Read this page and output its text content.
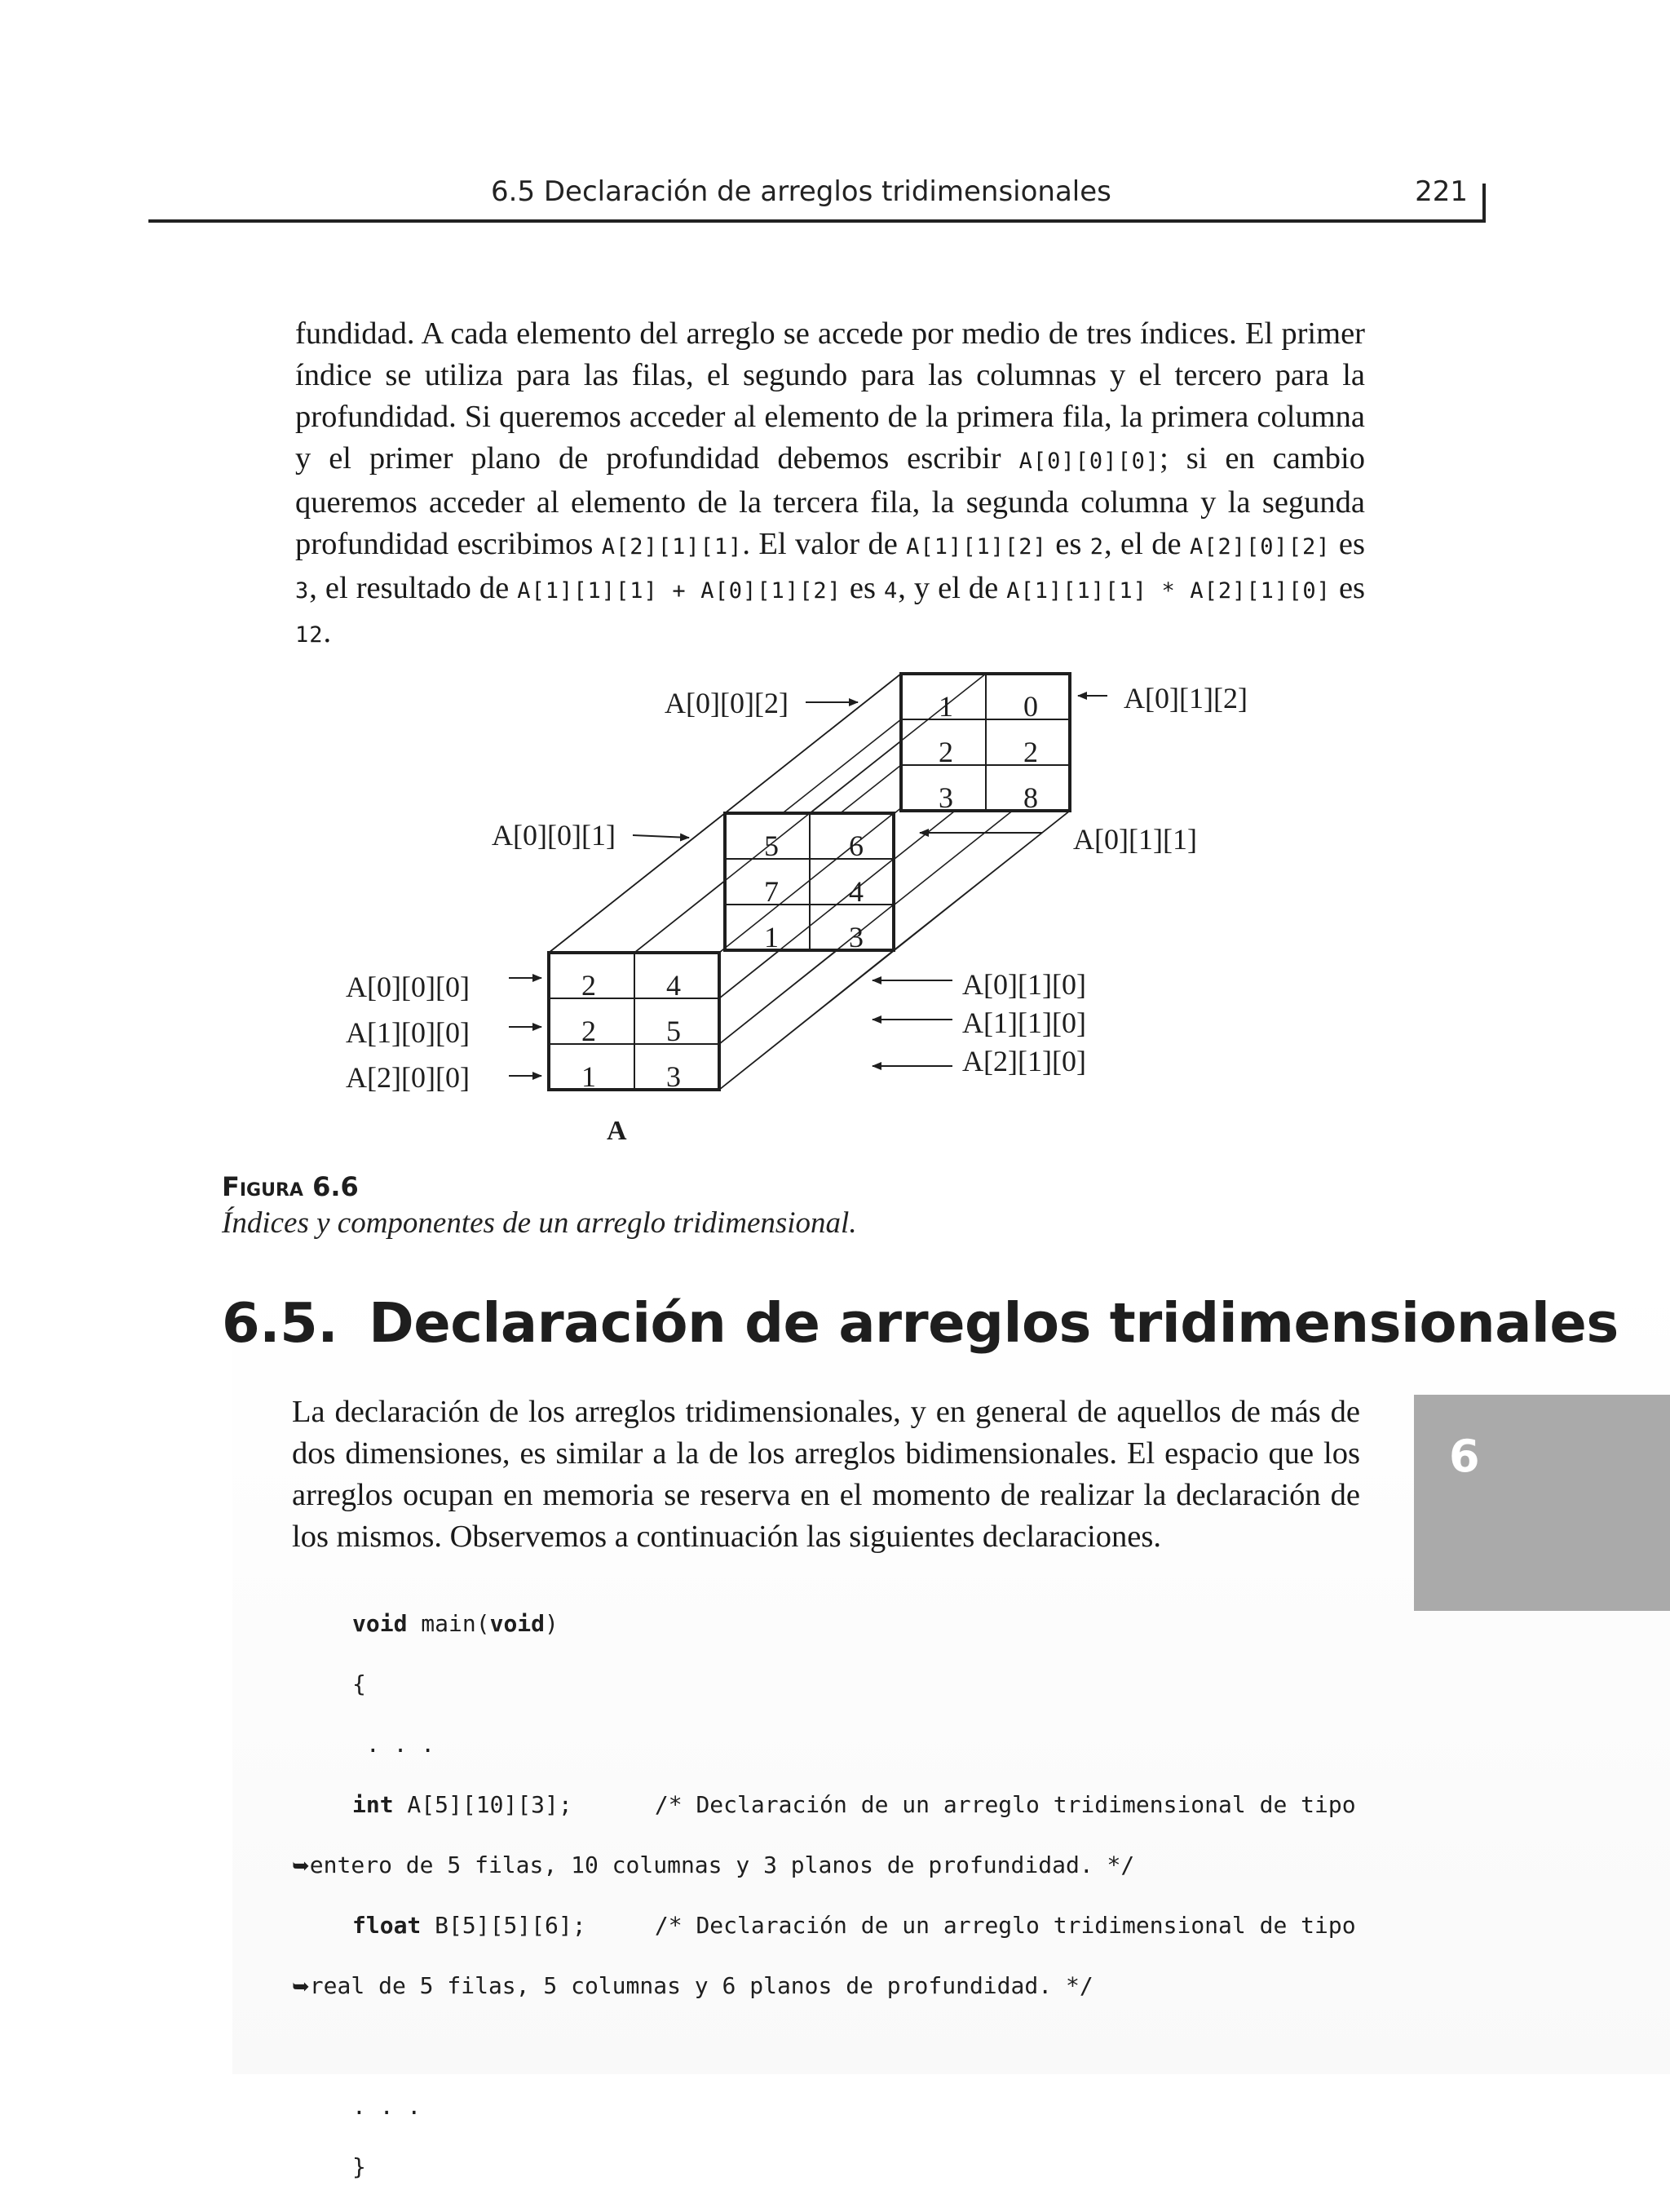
6.5 Declaración de arreglos tridimensionales	221
fundidad. A cada elemento del arreglo se accede por medio de tres índices. El primer índice se utiliza para las filas, el segundo para las columnas y el tercero para la profundidad. Si queremos acceder al elemento de la primera fila, la primera columna y el primer plano de profundidad debemos escribir A[0][0][0]; si en cambio queremos acceder al elemento de la tercera fila, la segunda columna y la segunda profundidad escribimos A[2][1][1]. El valor de A[1][1][2] es 2, el de A[2][0][2] es 3, el resultado de A[1][1][1] + A[0][1][2] es 4, y el de A[1][1][1] * A[2][1][0] es 12.
1 0
2 2
3 8
5 6
7 4
1 3
2 4
2 5
1 3
A[0][0][2]	A[0][1][2]
A[0][0][1]	A[0][1][1]
A[0][0][0]
A[1][0][0]
A[2][0][0]
A[0][1][0]
A[1][1][0]
A[2][1][0]
A
Figura 6.6
Índices y componentes de un arreglo tridimensional.
6.5. Declaración de arreglos tridimensionales
6
La declaración de los arreglos tridimensionales, y en general de aquellos de más de dos dimensiones, es similar a la de los arreglos bidimensionales. El espacio que los arreglos ocupan en memoria se reserva en el momento de realizar la declaración de los mismos. Observemos a continuación las siguientes declaraciones.

void main(void)

{

. . .

int A[5][10][3];      /* Declaración de un arreglo tridimensional de tipo

➥entero de 5 filas, 10 columnas y 3 planos de profundidad. */

float B[5][5][6];     /* Declaración de un arreglo tridimensional de tipo

➥real de 5 filas, 5 columnas y 6 planos de profundidad. */

. . .

}
